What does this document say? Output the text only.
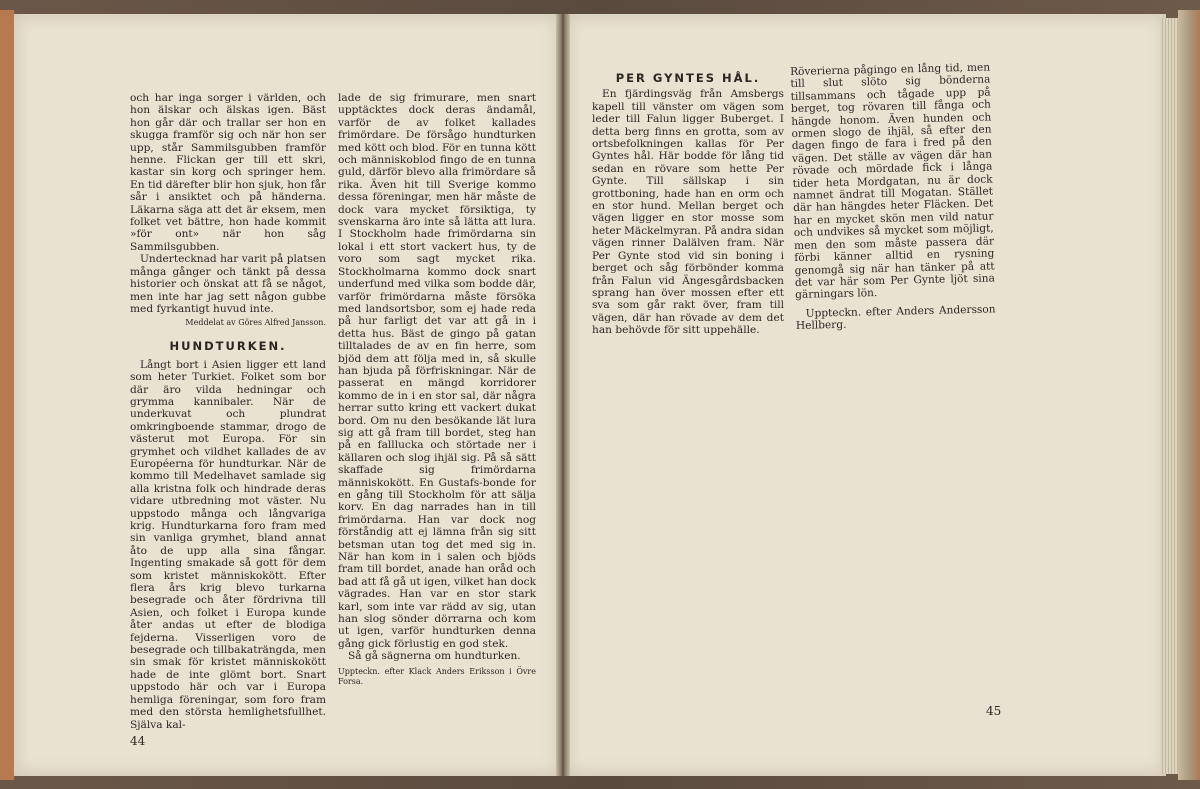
och har inga sorger i världen, och hon älskar och älskas igen. Bäst hon går där och trallar ser hon en skugga framför sig och när hon ser upp, står Sammilsgubben framför henne. Flickan ger till ett skri, kastar sin korg och springer hem. En tid därefter blir hon sjuk, hon får sår i ansiktet och på händerna. Läkarna säga att det är eksem, men folket vet bättre, hon hade kommit »för ont» när hon såg Sammilsgubben.

Undertecknad har varit på platsen många gånger och tänkt på dessa historier och önskat att få se något, men inte har jag sett någon gubbe med fyrkantigt huvud inte.

Meddelat av Göres Alfred Jansson.
HUNDTURKEN.

Långt bort i Asien ligger ett land som heter Turkiet. Folket som bor där äro vilda hedningar och grymma kannibaler. När de underkuvat och plundrat omkringboende stammar, drogo de västerut mot Europa. För sin grymhet och vildhet kallades de av Européerna för hundturkar. När de kommo till Medelhavet samlade sig alla kristna folk och hindrade deras vidare utbredning mot väster. Nu uppstodo många och långvariga krig. Hundturkarna foro fram med sin vanliga grymhet, bland annat åto de upp alla sina fångar. Ingenting smakade så gott för dem som kristet människokött. Efter flera års krig blevo turkarna besegrade och åter fördrivna till Asien, och folket i Europa kunde åter andas ut efter de blodiga fejderna. Visserligen voro de besegrade och tillbakaträngda, men sin smak för kristet människokött hade de inte glömt bort. Snart uppstodo här och var i Europa hemliga föreningar, som foro fram med den största hemlighetsfullhet. Själva kal-

lade de sig frimurare, men snart upptäcktes dock deras ändamål, varför de av folket kallades frimördare. De försågo hundturken med kött och blod. För en tunna kött och människoblod fingo de en tunna guld, därför blevo alla frimördare så rika. Även hit till Sverige kommo dessa föreningar, men här måste de dock vara mycket försiktiga, ty svenskarna äro inte så lätta att lura. I Stockholm hade frimördarna sin lokal i ett stort vackert hus, ty de voro som sagt mycket rika. Stockholmarna kommo dock snart underfund med vilka som bodde där, varför frimördarna måste försöka med landsortsbor, som ej hade reda på hur farligt det var att gå in i detta hus. Bäst de gingo på gatan tilltalades de av en fin herre, som bjöd dem att följa med in, så skulle han bjuda på förfriskningar. När de passerat en mängd korridorer kommo de in i en stor sal, där några herrar sutto kring ett vackert dukat bord. Om nu den besökande lät lura sig att gå fram till bordet, steg han på en falllucka och störtade ner i källaren och slog ihjäl sig. På så sätt skaffade sig frimördarna människokött. En Gustafs-bonde for en gång till Stockholm för att sälja korv. En dag narrades han in till frimördarna. Han var dock nog förståndig att ej lämna från sig sitt betsman utan tog det med sig in. När han kom in i salen och bjöds fram till bordet, anade han oråd och bad att få gå ut igen, vilket han dock vägrades. Han var en stor stark karl, som inte var rädd av sig, utan han slog sönder dörrarna och kom ut igen, varför hundturken denna gång gick förlustig en god stek.

Så gå sägnerna om hundturken.

Uppteckn. efter Klack Anders Eriksson i Övre Forsa.
44
PER GYNTES HÅL.

En fjärdingsväg från Amsbergs kapell till vänster om vägen som leder till Falun ligger Buberget. I detta berg finns en grotta, som av ortsbefolkningen kallas för Per Gyntes hål. Här bodde för lång tid sedan en rövare som hette Per Gynte. Till sällskap i sin grottboning, hade han en orm och en stor hund. Mellan berget och vägen ligger en stor mosse som heter Mäckelmyran. På andra sidan vägen rinner Dalälven fram. När Per Gynte stod vid sin boning i berget och såg förbönder komma från Falun vid Ängesgårdsbacken sprang han över mossen efter ett sva som går rakt över, fram till vägen, där han rövade av dem det han behövde för sitt uppehälle.

Röverierna pågingo en lång tid, men till slut slöto sig bönderna tillsammans och tågade upp på berget, tog rövaren till fånga och hängde honom. Även hunden och ormen slogo de ihjäl, så efter den dagen fingo de fara i fred på den vägen. Det ställe av vägen där han rövade och mördade fick i långa tider heta Mordgatan, nu är dock namnet ändrat till Mogatan. Stället där han hängdes heter Fläcken. Det har en mycket skön men vild natur och undvikes så mycket som möjligt, men den som måste passera där förbi känner alltid en rysning genomgå sig när han tänker på att det var här som Per Gynte ljöt sina gärningars lön.

Uppteckn. efter Anders Andersson Hellberg.

45
